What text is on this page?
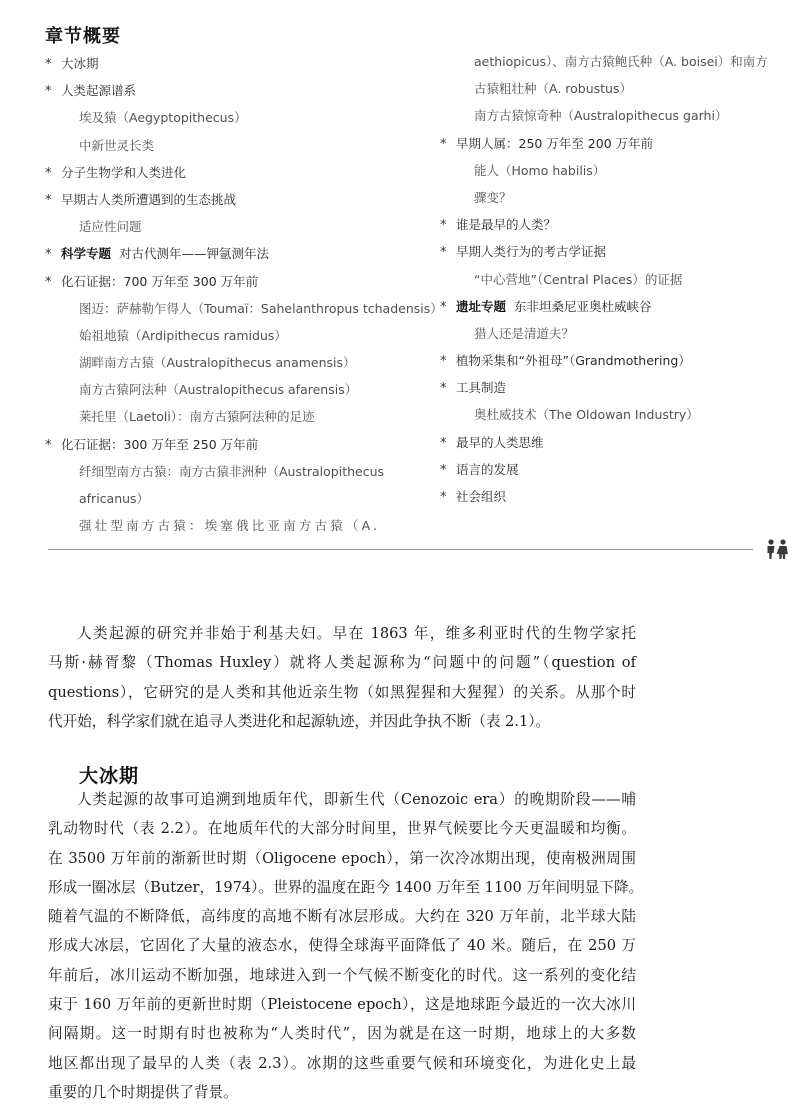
章节概要
* 大冰期
* 人类起源谱系
埃及猿（Aegyptopithecus）
中新世灵长类
* 分子生物学和人类进化
* 早期古人类所遭遇到的生态挑战
适应性问题
* 科学专题 对古代测年——钾氩测年法
* 化石证据：700 万年至 300 万年前
图迈：萨赫勒乍得人（Toumaï：Sahelanthropus tchadensis）
始祖地猿（Ardipithecus ramidus）
湖畔南方古猿（Australopithecus anamensis）
南方古猿阿法种（Australopithecus afarensis）
莱托里（Laetoli）：南方古猿阿法种的足迹
* 化石证据：300 万年至 250 万年前
纤细型南方古猿：南方古猿非洲种（Australopithecus
africanus）
强壮型南方古猿：埃塞俄比亚南方古猿（A.
aethiopicus）、南方古猿鲍氏种（A. boisei）和南方
古猿粗壮种（A. robustus）
南方古猿惊奇种（Australopithecus garhi）
* 早期人属：250 万年至 200 万年前
能人（Homo habilis）
骤变？
* 谁是最早的人类？
* 早期人类行为的考古学证据
“中心营地”（Central Places）的证据
* 遗址专题 东非坦桑尼亚奥杜威峡谷
猎人还是清道夫？
* 植物采集和“外祖母”（Grandmothering）
* 工具制造
奥杜威技术（The Oldowan Industry）
* 最早的人类思维
* 语言的发展
* 社会组织
人类起源的研究并非始于利基夫妇。早在 1863 年，维多利亚时代的生物学家托
马斯·赫胥黎（Thomas Huxley）就将人类起源称为“问题中的问题”（question of
questions），它研究的是人类和其他近亲生物（如黑猩猩和大猩猩）的关系。从那个时
代开始，科学家们就在追寻人类进化和起源轨迹，并因此争执不断（表 2.1）。
大冰期
人类起源的故事可追溯到地质年代，即新生代（Cenozoic era）的晚期阶段——哺
乳动物时代（表 2.2）。在地质年代的大部分时间里，世界气候要比今天更温暖和均衡。
在 3500 万年前的渐新世时期（Oligocene epoch），第一次冷冰期出现，使南极洲周围
形成一圈冰层（Butzer，1974）。世界的温度在距今 1400 万年至 1100 万年间明显下降。
随着气温的不断降低，高纬度的高地不断有冰层形成。大约在 320 万年前，北半球大陆
形成大冰层，它固化了大量的液态水，使得全球海平面降低了 40 米。随后，在 250 万
年前后，冰川运动不断加强，地球进入到一个气候不断变化的时代。这一系列的变化结
束于 160 万年前的更新世时期（Pleistocene epoch），这是地球距今最近的一次大冰川
间隔期。这一时期有时也被称为“人类时代”，因为就是在这一时期，地球上的大多数
地区都出现了最早的人类（表 2.3）。冰期的这些重要气候和环境变化，为进化史上最
重要的几个时期提供了背景。
